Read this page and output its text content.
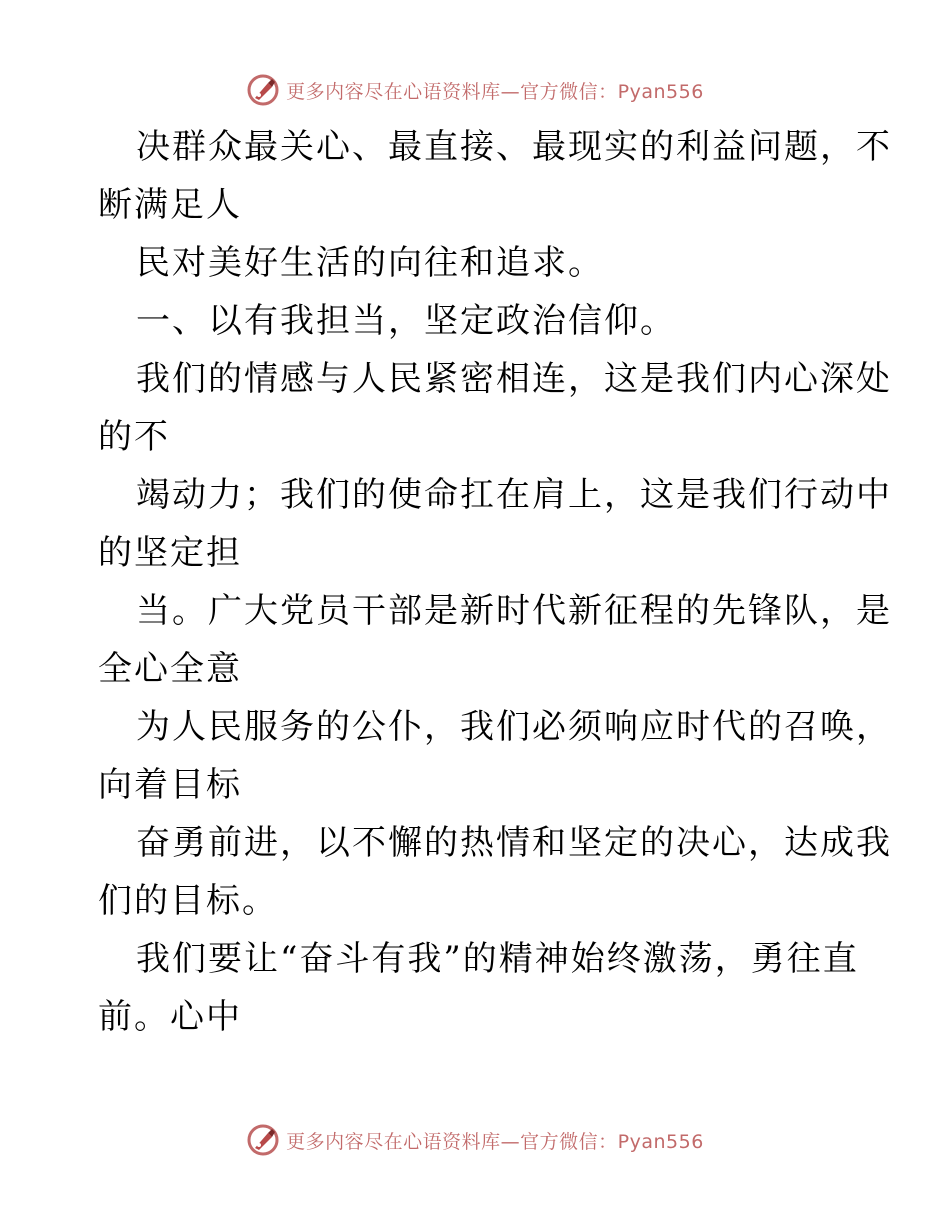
更多内容尽在心语资料库—官方微信：Pyan556
决群众最关心、最直接、最现实的利益问题，不
断满足人
民对美好生活的向往和追求。
一、以有我担当，坚定政治信仰。
我们的情感与人民紧密相连，这是我们内心深处
的不
竭动力；我们的使命扛在肩上，这是我们行动中
的坚定担
当。广大党员干部是新时代新征程的先锋队，是
全心全意
为人民服务的公仆，我们必须响应时代的召唤，
向着目标
奋勇前进，以不懈的热情和坚定的决心，达成我
们的目标。
我们要让“奋斗有我”的精神始终激荡，勇往直
前。心中
更多内容尽在心语资料库—官方微信：Pyan556
